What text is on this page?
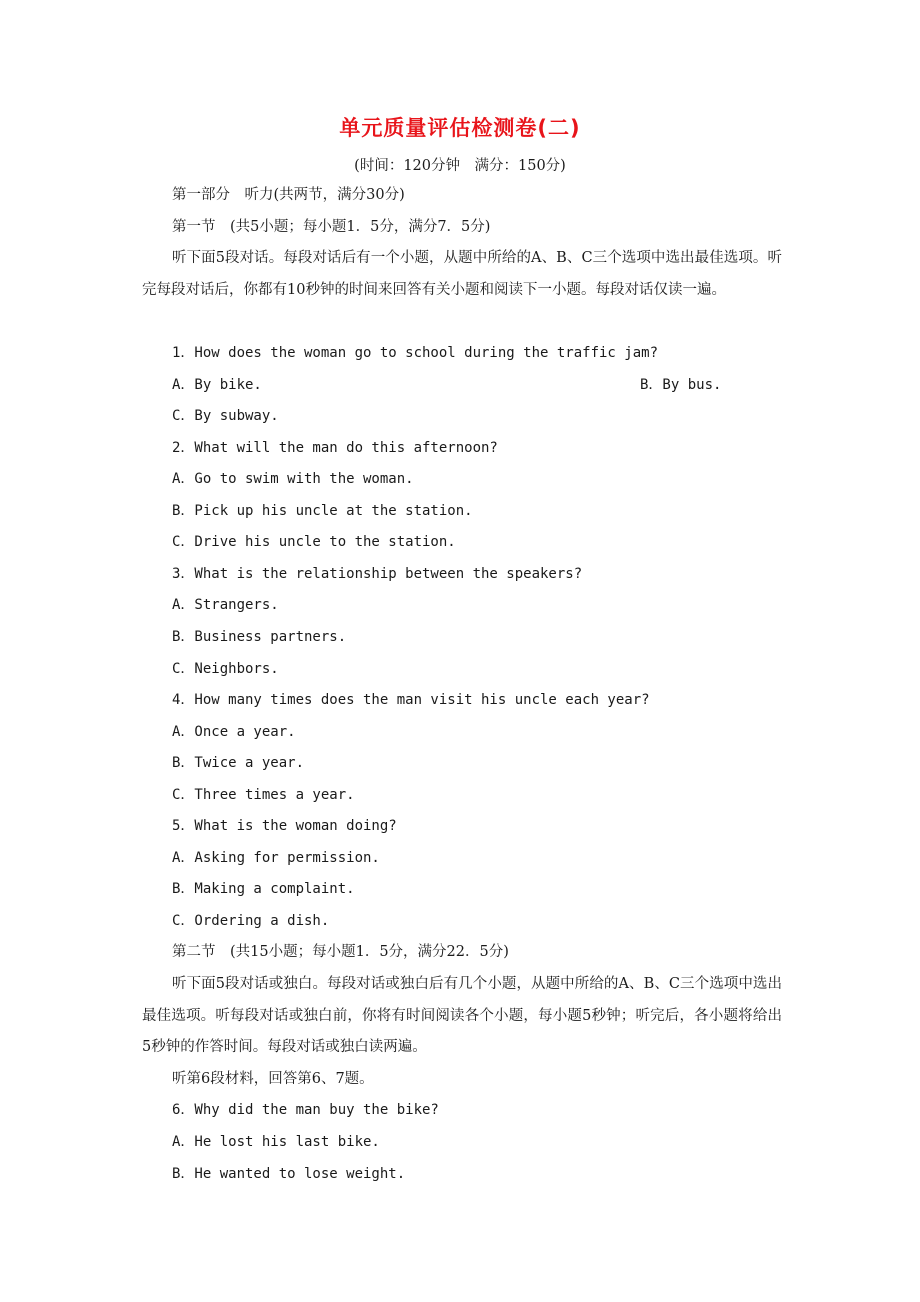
单元质量评估检测卷(二)
(时间：120分钟　满分：150分)
第一部分　听力(共两节，满分30分)
第一节　(共5小题；每小题1．5分，满分7．5分)
听下面5段对话。每段对话后有一个小题，从题中所给的A、B、C三个选项中选出最佳选项。听完每段对话后，你都有10秒钟的时间来回答有关小题和阅读下一小题。每段对话仅读一遍。
1．How does the woman go to school during the traffic jam?
A．By bike.	B．By bus.
C．By subway.
2．What will the man do this afternoon?
A．Go to swim with the woman.
B．Pick up his uncle at the station.
C．Drive his uncle to the station.
3．What is the relationship between the speakers?
A．Strangers.
B．Business partners.
C．Neighbors.
4．How many times does the man visit his uncle each year?
A．Once a year.
B．Twice a year.
C．Three times a year.
5．What is the woman doing?
A．Asking for permission.
B．Making a complaint.
C．Ordering a dish.
第二节　(共15小题；每小题1．5分，满分22．5分)
听下面5段对话或独白。每段对话或独白后有几个小题，从题中所给的A、B、C三个选项中选出最佳选项。听每段对话或独白前，你将有时间阅读各个小题，每小题5秒钟；听完后，各小题将给出5秒钟的作答时间。每段对话或独白读两遍。
听第6段材料，回答第6、7题。
6．Why did the man buy the bike?
A．He lost his last bike.
B．He wanted to lose weight.
